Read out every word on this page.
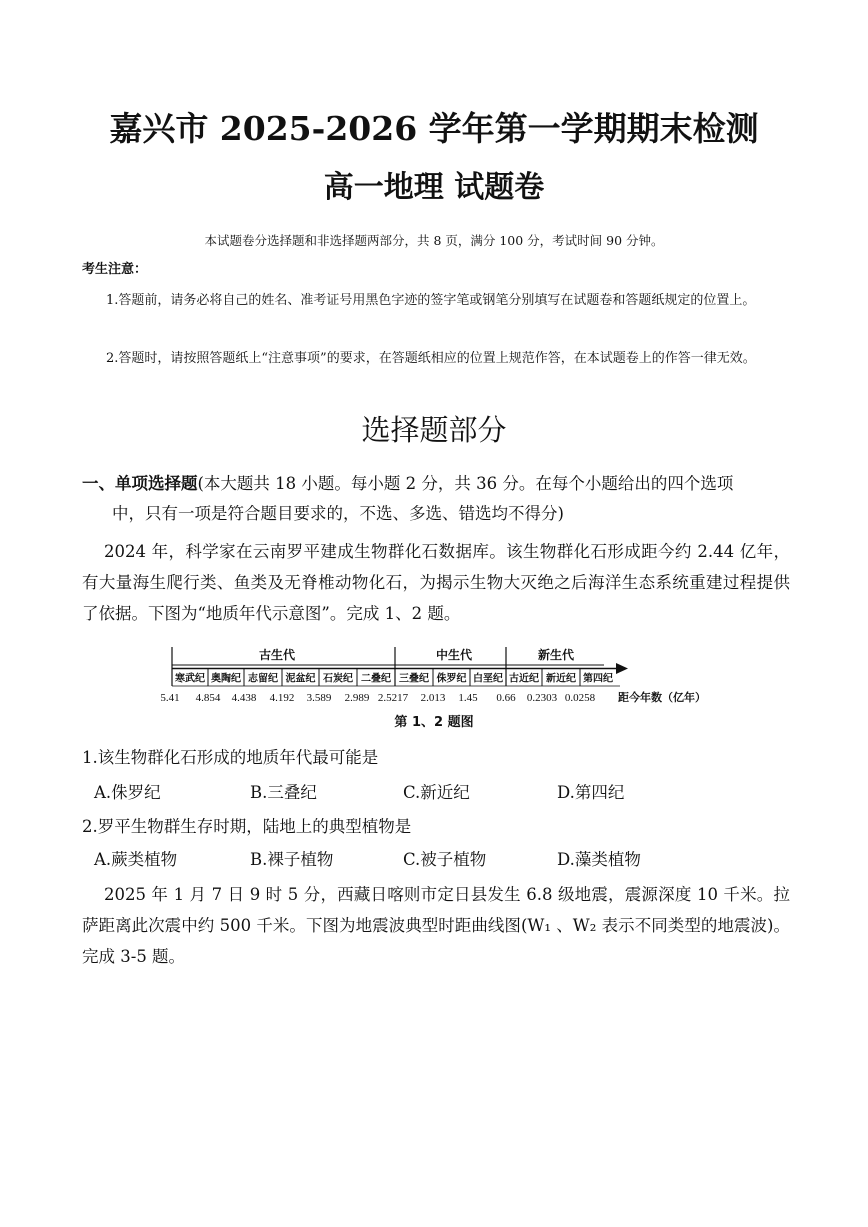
嘉兴市 2025-2026 学年第一学期期末检测
高一地理 试题卷
本试题卷分选择题和非选择题两部分，共 8 页，满分 100 分，考试时间 90 分钟。
考生注意：
1.答题前，请务必将自己的姓名、准考证号用黑色字迹的签字笔或钢笔分别填写在试题卷和答题纸规定的位置上。
2.答题时，请按照答题纸上“注意事项”的要求，在答题纸相应的位置上规范作答，在本试题卷上的作答一律无效。
选择题部分
一、单项选择题(本大题共 18 小题。每小题 2 分，共 36 分。在每个小题给出的四个选项
中，只有一项是符合题目要求的，不选、多选、错选均不得分)
2024 年，科学家在云南罗平建成生物群化石数据库。该生物群化石形成距今约 2.44 亿年，有大量海生爬行类、鱼类及无脊椎动物化石，为揭示生物大灭绝之后海洋生态系统重建过程提供了依据。下图为“地质年代示意图”。完成 1、2 题。
古生代	中生代	新生代
寒武纪 奥陶纪 志留纪 泥盆纪 石炭纪 二叠纪 三叠纪 侏罗纪 白垩纪 古近纪 新近纪 第四纪
5.41 4.854 4.438 4.192 3.589 2.989 2.5217 2.013 1.45 0.66 0.2303 0.0258 距今年数（亿年）
第 1、2 题图
1.该生物群化石形成的地质年代最可能是
A.侏罗纪	B.三叠纪	C.新近纪	D.第四纪
2.罗平生物群生存时期，陆地上的典型植物是
A.蕨类植物	B.裸子植物	C.被子植物	D.藻类植物
2025 年 1 月 7 日 9 时 5 分，西藏日喀则市定日县发生 6.8 级地震，震源深度 10 千米。拉萨距离此次震中约 500 千米。下图为地震波典型时距曲线图(W₁ 、W₂ 表示不同类型的地震波)。完成 3-5 题。
